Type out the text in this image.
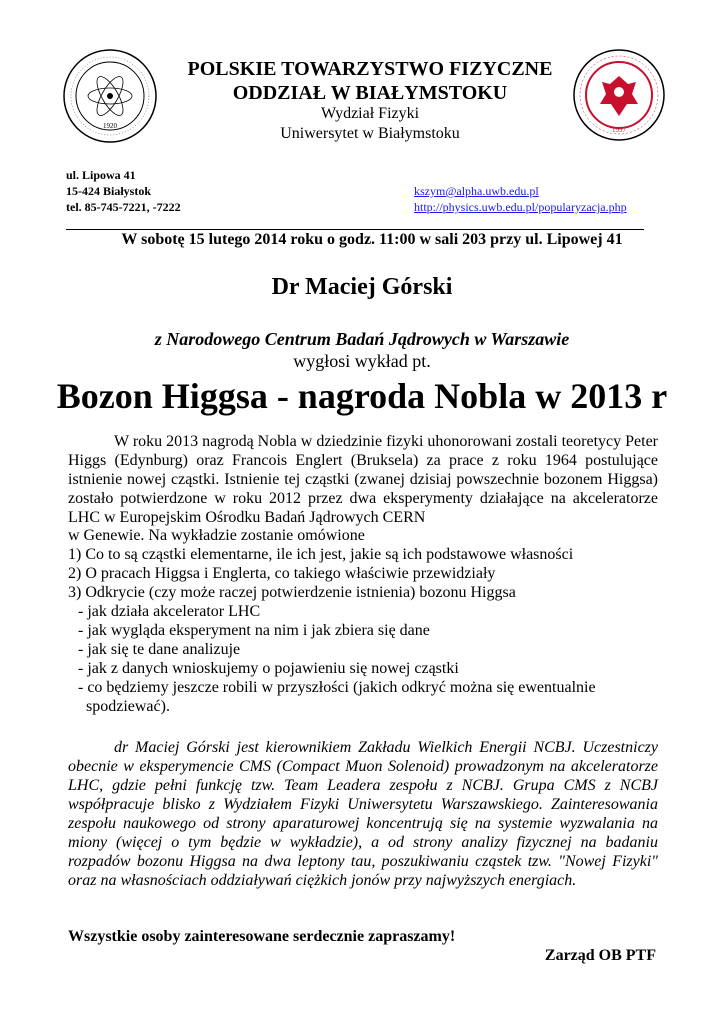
1920	1997
POLSKIE TOWARZYSTWO FIZYCZNE
ODDZIAŁ W BIAŁYMSTOKU
Wydział Fizyki
Uniwersytet w Białymstoku
ul. Lipowa 41
15-424 Białystok
tel. 85-745-7221, -7222
kszym@alpha.uwb.edu.pl
http://physics.uwb.edu.pl/popularyzacja.php
W sobotę 15 lutego 2014 roku o godz. 11:00 w sali 203 przy ul. Lipowej 41
Dr Maciej Górski
z Narodowego Centrum Badań Jądrowych w Warszawie
wygłosi wykład pt.
Bozon Higgsa - nagroda Nobla w 2013 r
W roku 2013 nagrodą Nobla w dziedzinie fizyki uhonorowani zostali teoretycy Peter Higgs (Edynburg) oraz Francois Englert (Bruksela) za prace z roku 1964 postulujące istnienie nowej cząstki. Istnienie tej cząstki (zwanej dzisiaj powszechnie bozonem Higgsa) zostało potwierdzone w roku 2012 przez dwa eksperymenty działające na akceleratorze LHC w Europejskim Ośrodku Badań Jądrowych CERN
w Genewie. Na wykładzie zostanie omówione
1) Co to są cząstki elementarne, ile ich jest, jakie są ich podstawowe własności
2) O pracach Higgsa i Englerta, co takiego właściwie przewidziały
3) Odkrycie (czy może raczej potwierdzenie istnienia) bozonu Higgsa
- jak działa akcelerator LHC
- jak wygląda eksperyment na nim i jak zbiera się dane
- jak się te dane analizuje
- jak z danych wnioskujemy o pojawieniu się nowej cząstki
- co będziemy jeszcze robili w przyszłości (jakich odkryć można się ewentualnie
spodziewać).
dr Maciej Górski jest kierownikiem Zakładu Wielkich Energii NCBJ. Uczestniczy obecnie w eksperymencie CMS (Compact Muon Solenoid) prowadzonym na akceleratorze LHC, gdzie pełni funkcję tzw. Team Leadera zespołu z NCBJ. Grupa CMS z NCBJ współpracuje blisko z Wydziałem Fizyki Uniwersytetu Warszawskiego. Zainteresowania zespołu naukowego od strony aparaturowej koncentrują się na systemie wyzwalania na miony (więcej o tym będzie w wykładzie), a od strony analizy fizycznej na badaniu rozpadów bozonu Higgsa na dwa leptony tau, poszukiwaniu cząstek tzw. "Nowej Fizyki" oraz na własnościach oddziaływań ciężkich jonów przy najwyższych energiach.
Wszystkie osoby zainteresowane serdecznie zapraszamy!
Zarząd OB PTF
